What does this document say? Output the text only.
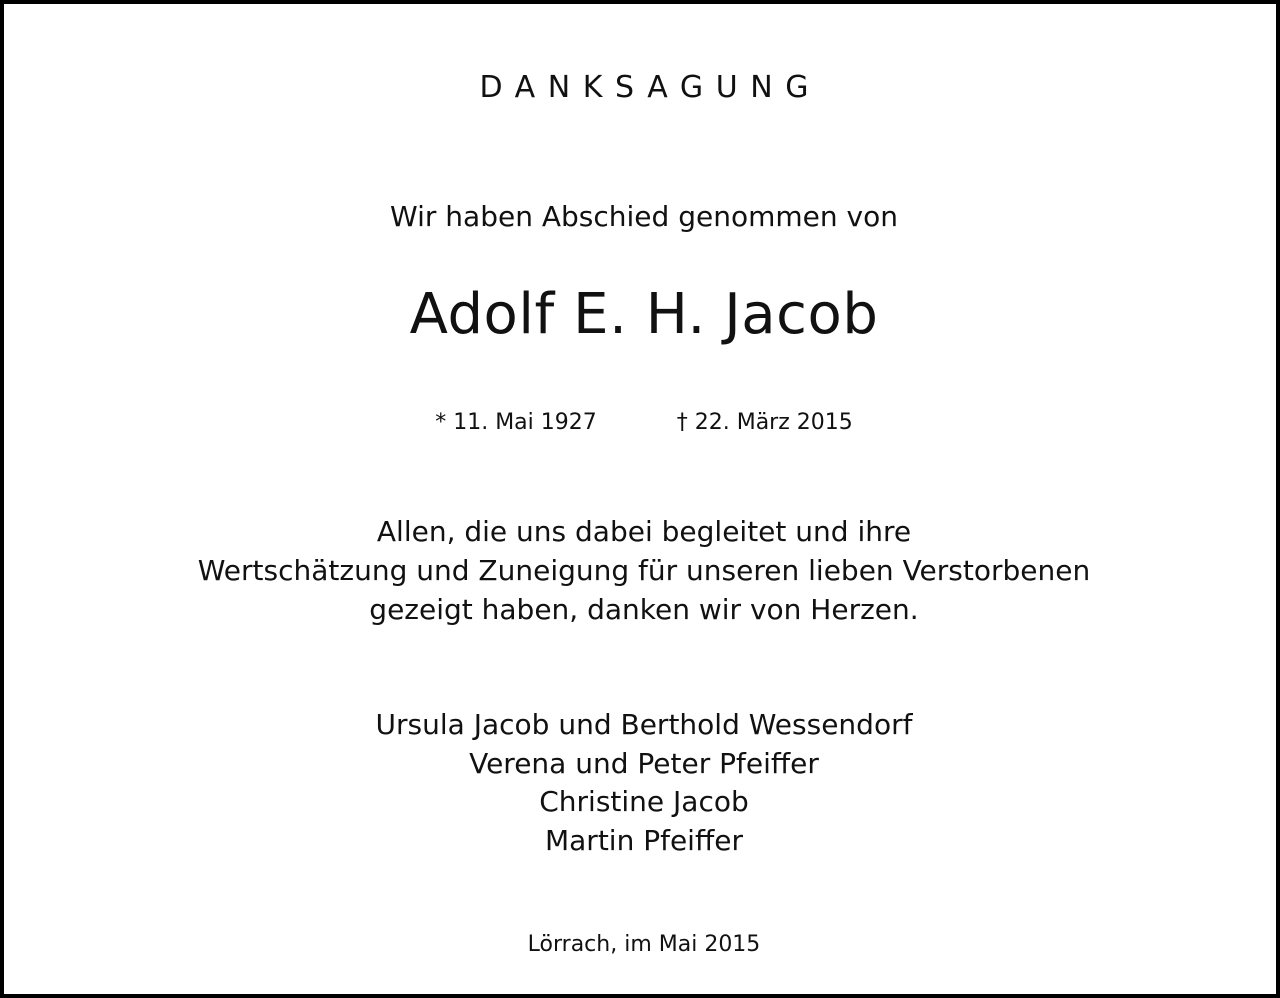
DANKSAGUNG

Wir haben Abschied genommen von

Adolf E. H. Jacob

* 11. Mai 1927	† 22. März 2015

Allen, die uns dabei begleitet und ihre
Wertschätzung und Zuneigung für unseren lieben Verstorbenen
gezeigt haben, danken wir von Herzen.
Ursula Jacob und Berthold Wessendorf
Verena und Peter Pfeiffer
Christine Jacob
Martin Pfeiffer

Lörrach, im Mai 2015
